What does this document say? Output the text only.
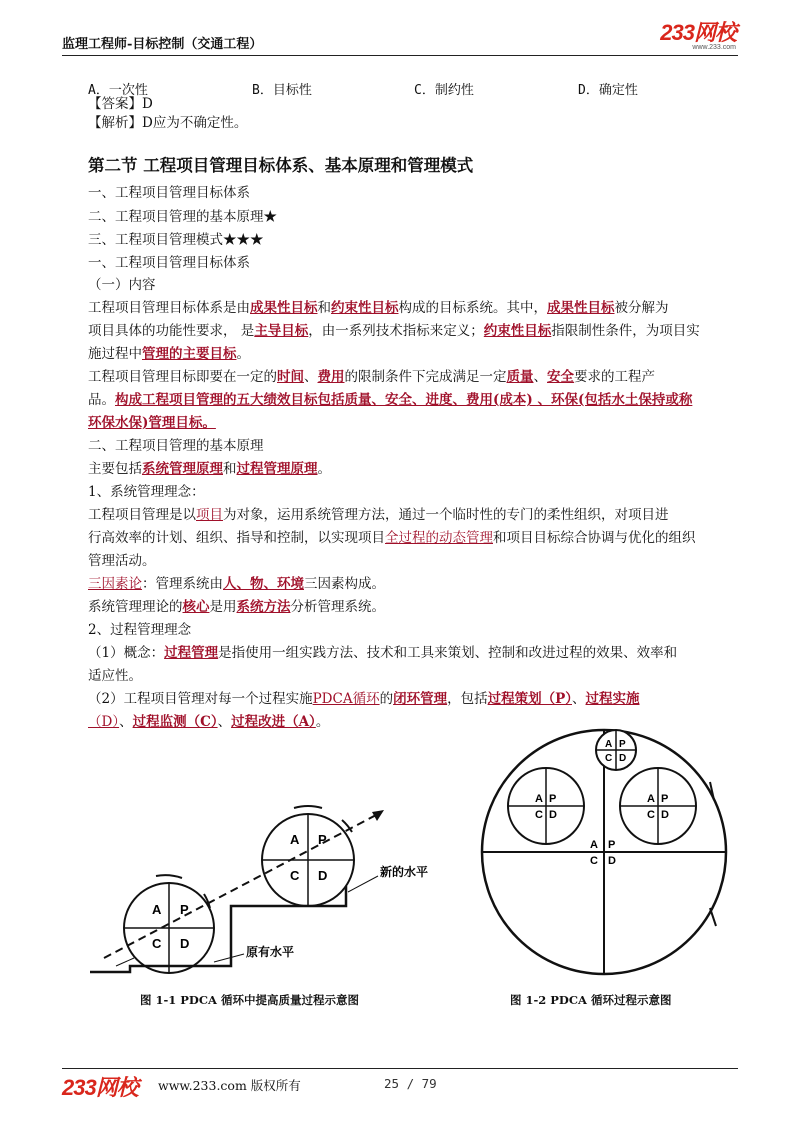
监理工程师-目标控制（交通工程）	233网校
www.233.com
A．一次性	B．目标性	C．制约性	D．确定性
【答案】D
【解析】D应为不确定性。
第二节 工程项目管理目标体系、基本原理和管理模式
一、工程项目管理目标体系
二、工程项目管理的基本原理★
三、工程项目管理模式★★★
一、工程项目管理目标体系
（一）内容
工程项目管理目标体系是由成果性目标和约束性目标构成的目标系统。其中，成果性目标被分解为
项目具体的功能性要求， 是主导目标，由一系列技术指标来定义；约束性目标指限制性条件，为项目实
施过程中管理的主要目标。
工程项目管理目标即要在一定的时间、费用的限制条件下完成满足一定质量、安全要求的工程产
品。构成工程项目管理的五大绩效目标包括质量、安全、进度、费用(成本) 、环保(包括水土保持或称
环保水保)管理目标。
二、工程项目管理的基本原理
主要包括系统管理原理和过程管理原理。
1、系统管理理念：
工程项目管理是以项目为对象，运用系统管理方法，通过一个临时性的专门的柔性组织，对项目进
行高效率的计划、组织、指导和控制，以实现项目全过程的动态管理和项目目标综合协调与优化的组织
管理活动。
三因素论：管理系统由人、物、环境三因素构成。
系统管理理论的核心是用系统方法分析管理系统。
2、过程管理理念
（1）概念：过程管理是指使用一组实践方法、技术和工具来策划、控制和改进过程的效果、效率和
适应性。
（2）工程项目管理对每一个过程实施PDCA循环的闭环管理，包括过程策划（P）、过程实施
（D）、过程监测（C）、过程改进（A）。
A P
C D
A P
C D	新的水平
原有水平
A P
C D
A P
C D
A P
C D
A P
C D
图 1-1 PDCA 循环中提高质量过程示意图	图 1-2 PDCA 循环过程示意图
233网校 www.233.com 版权所有	25 / 79
